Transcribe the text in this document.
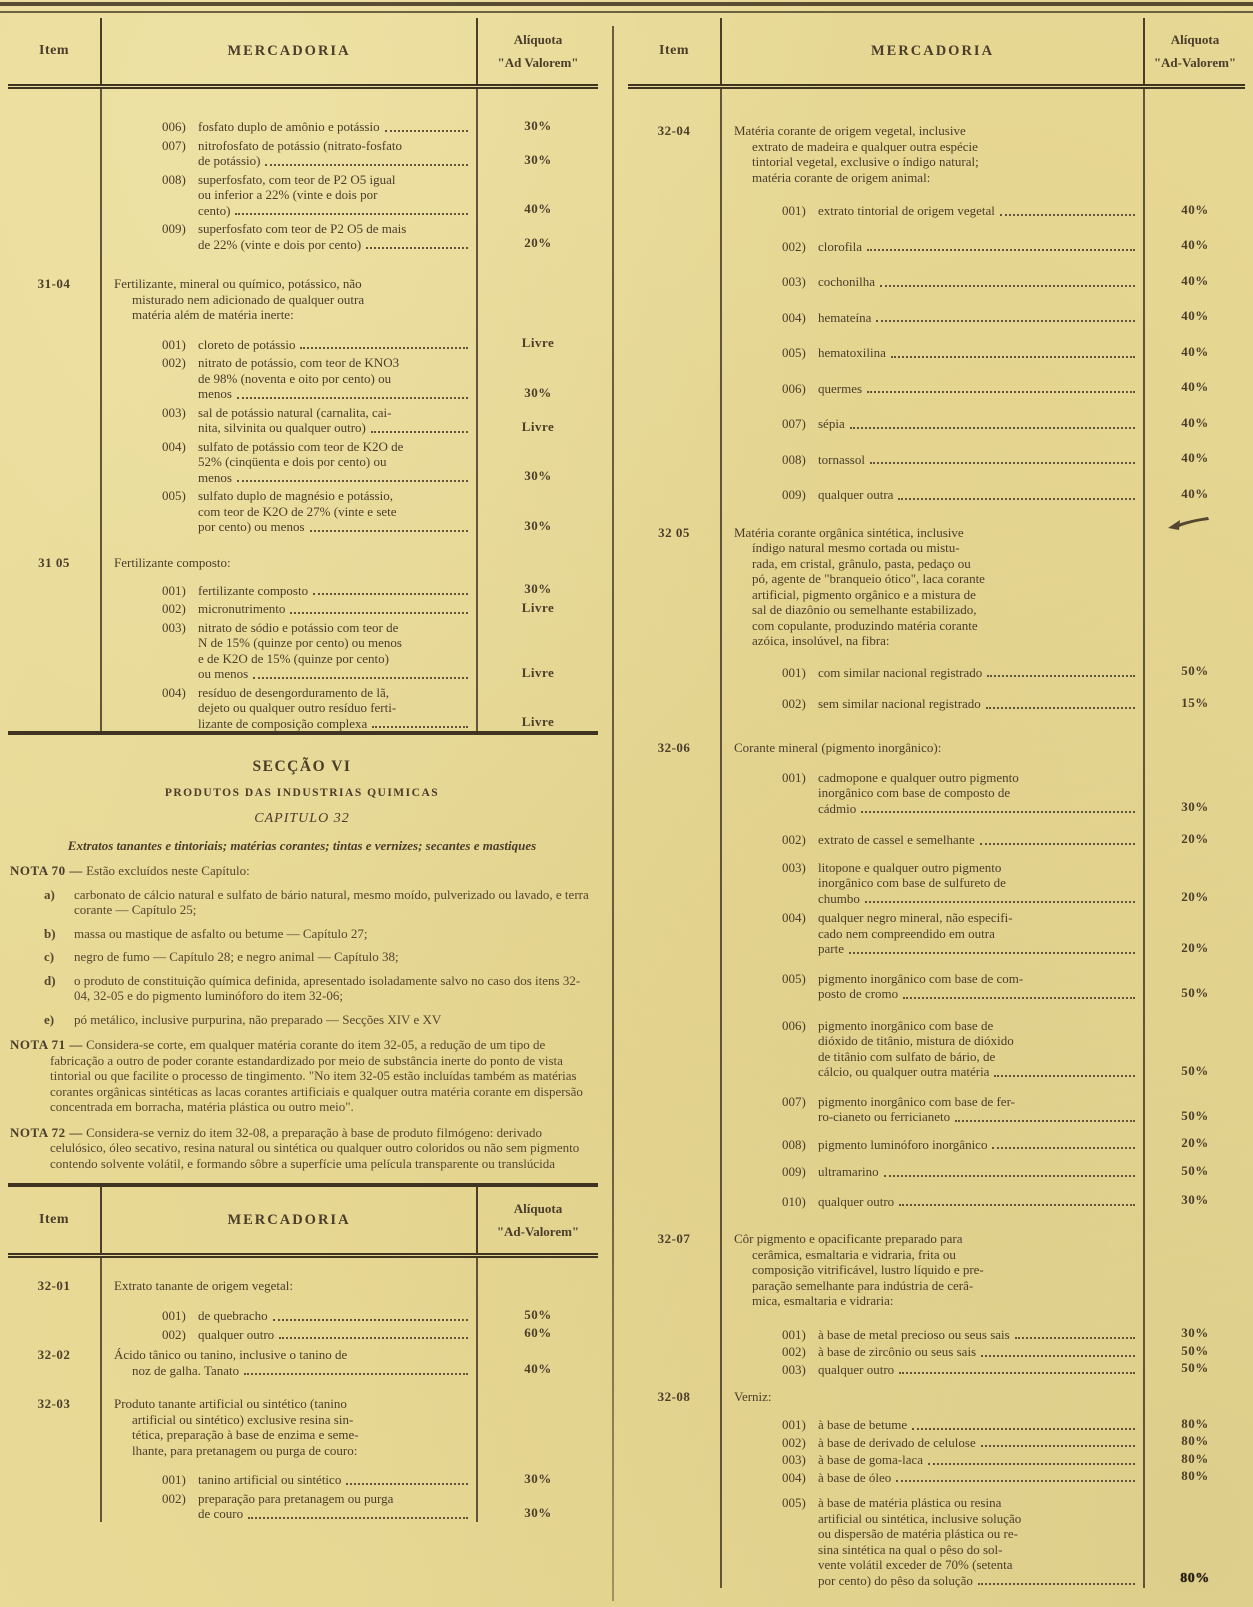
Item	MERCADORIA
Alíquota
"Ad Valorem"
006) fosfato duplo de amônio e potássio	30%
007) nitrofosfato de potássio (nitrato-fosfato
de potássio)	30%
008) superfosfato, com teor de P2 O5 igual
ou inferior a 22% (vinte e dois por
cento)	40%
009) superfosfato com teor de P2 O5 de mais
de 22% (vinte e dois por cento)	20%
31-04	Fertilizante, mineral ou químico, potássico, não
misturado nem adicionado de qualquer outra
matéria além de matéria inerte:
001) cloreto de potássio	Livre
002) nitrato de potássio, com teor de KNO3
de 98% (noventa e oito por cento) ou
menos	30%
003) sal de potássio natural (carnalita, cai-
nita, silvinita ou qualquer outro)	Livre
004) sulfato de potássio com teor de K2O de
52% (cinqüenta e dois por cento) ou
menos	30%
005) sulfato duplo de magnésio e potássio,
com teor de K2O de 27% (vinte e sete
por cento) ou menos	30%
31 05	Fertilizante composto:
001) fertilizante composto	30%
002) micronutrimento	Livre
003) nitrato de sódio e potássio com teor de
N de 15% (quinze por cento) ou menos
e de K2O de 15% (quinze por cento)
ou menos	Livre
004) resíduo de desengorduramento de lã,
dejeto ou qualquer outro resíduo ferti-
lizante de composição complexa	Livre
SECÇÃO VI
PRODUTOS DAS INDUSTRIAS QUIMICAS
CAPITULO 32
Extratos tanantes e tintoriais; matérias corantes; tintas e vernizes; secantes e mastiques
NOTA 70 — Estão excluídos neste Capítulo:
a)	carbonato de cálcio natural e sulfato de bário natural, mesmo moído, pulverizado ou lavado, e terra corante — Capítulo 25;
b)	massa ou mastique de asfalto ou betume — Capítulo 27;
c)	negro de fumo — Capítulo 28; e negro animal — Capítulo 38;
d)	o produto de constituição química definida, apresentado isoladamente salvo no caso dos itens 32-04, 32-05 e do pigmento luminóforo do item 32-06;
e)	pó metálico, inclusive purpurina, não preparado — Secções XIV e XV
NOTA 71 — Considera-se corte, em qualquer matéria corante do item 32-05, a redução de um tipo de fabricação a outro de poder corante estandardizado por meio de substância inerte do ponto de vista tintorial ou que facilite o processo de tingimento. "No item 32-05 estão incluídas também as matérias corantes orgânicas sintéticas as lacas corantes artificiais e qualquer outra matéria corante em dispersão concentrada em borracha, matéria plástica ou outro meio".
NOTA 72 — Considera-se verniz do item 32-08, a preparação à base de produto filmógeno: derivado celulósico, óleo secativo, resina natural ou sintética ou qualquer outro coloridos ou não sem pigmento contendo solvente volátil, e formando sôbre a superfície uma película transparente ou translúcida
Item	MERCADORIA
Alíquota
"Ad-Valorem"
32-01	Extrato tanante de origem vegetal:
001) de quebracho	50%
002) qualquer outro	60%
32-02	Ácido tânico ou tanino, inclusive o tanino de
noz de galha. Tanato	40%
32-03	Produto tanante artificial ou sintético (tanino
artificial ou sintético) exclusive resina sin-
tética, preparação à base de enzima e seme-
lhante, para pretanagem ou purga de couro:
001) tanino artificial ou sintético	30%
002) preparação para pretanagem ou purga
de couro	30%
Item	MERCADORIA
Alíquota
"Ad-Valorem"
32-04	Matéria corante de origem vegetal, inclusive
extrato de madeira e qualquer outra espécie
tintorial vegetal, exclusive o índigo natural;
matéria corante de origem animal:
001) extrato tintorial de origem vegetal	40%
002) clorofila	40%
003) cochonilha	40%
004) hemateína	40%
005) hematoxilina	40%
006) quermes	40%
007) sépia	40%
008) tornassol	40%
009) qualquer outra	40%
32 05	Matéria corante orgânica sintética, inclusive
índigo natural mesmo cortada ou mistu-
rada, em cristal, grânulo, pasta, pedaço ou
pó, agente de "branqueio ótico", laca corante
artificial, pigmento orgânico e a mistura de
sal de diazônio ou semelhante estabilizado,
com copulante, produzindo matéria corante
azóica, insolúvel, na fibra:
001) com similar nacional registrado	50%
002) sem similar nacional registrado	15%
32-06	Corante mineral (pigmento inorgânico):
001) cadmopone e qualquer outro pigmento
inorgânico com base de composto de
cádmio	30%
002) extrato de cassel e semelhante	20%
003) litopone e qualquer outro pigmento
inorgânico com base de sulfureto de
chumbo	20%
004) qualquer negro mineral, não especifi-
cado nem compreendido em outra
parte	20%
005) pigmento inorgânico com base de com-
posto de cromo	50%
006) pigmento inorgânico com base de
dióxido de titânio, mistura de dióxido
de titânio com sulfato de bário, de
cálcio, ou qualquer outra matéria	50%
007) pigmento inorgânico com base de fer-
ro-cianeto ou ferricianeto	50%
008) pigmento luminóforo inorgânico	20%
009) ultramarino	50%
010) qualquer outro	30%
32-07	Côr pigmento e opacificante preparado para
cerâmica, esmaltaria e vidraria, frita ou
composição vitrificável, lustro líquido e pre-
paração semelhante para indústria de cerâ-
mica, esmaltaria e vidraria:
001) à base de metal precioso ou seus sais	30%
002) à base de zircônio ou seus sais	50%
003) qualquer outro	50%
32-08	Verniz:
001) à base de betume	80%
002) à base de derivado de celulose	80%
003) à base de goma-laca	80%
004) à base de óleo	80%
005) à base de matéria plástica ou resina
artificial ou sintética, inclusive solução
ou dispersão de matéria plástica ou re-
sina sintética na qual o pêso do sol-
vente volátil exceder de 70% (setenta
por cento) do pêso da solução	80%
